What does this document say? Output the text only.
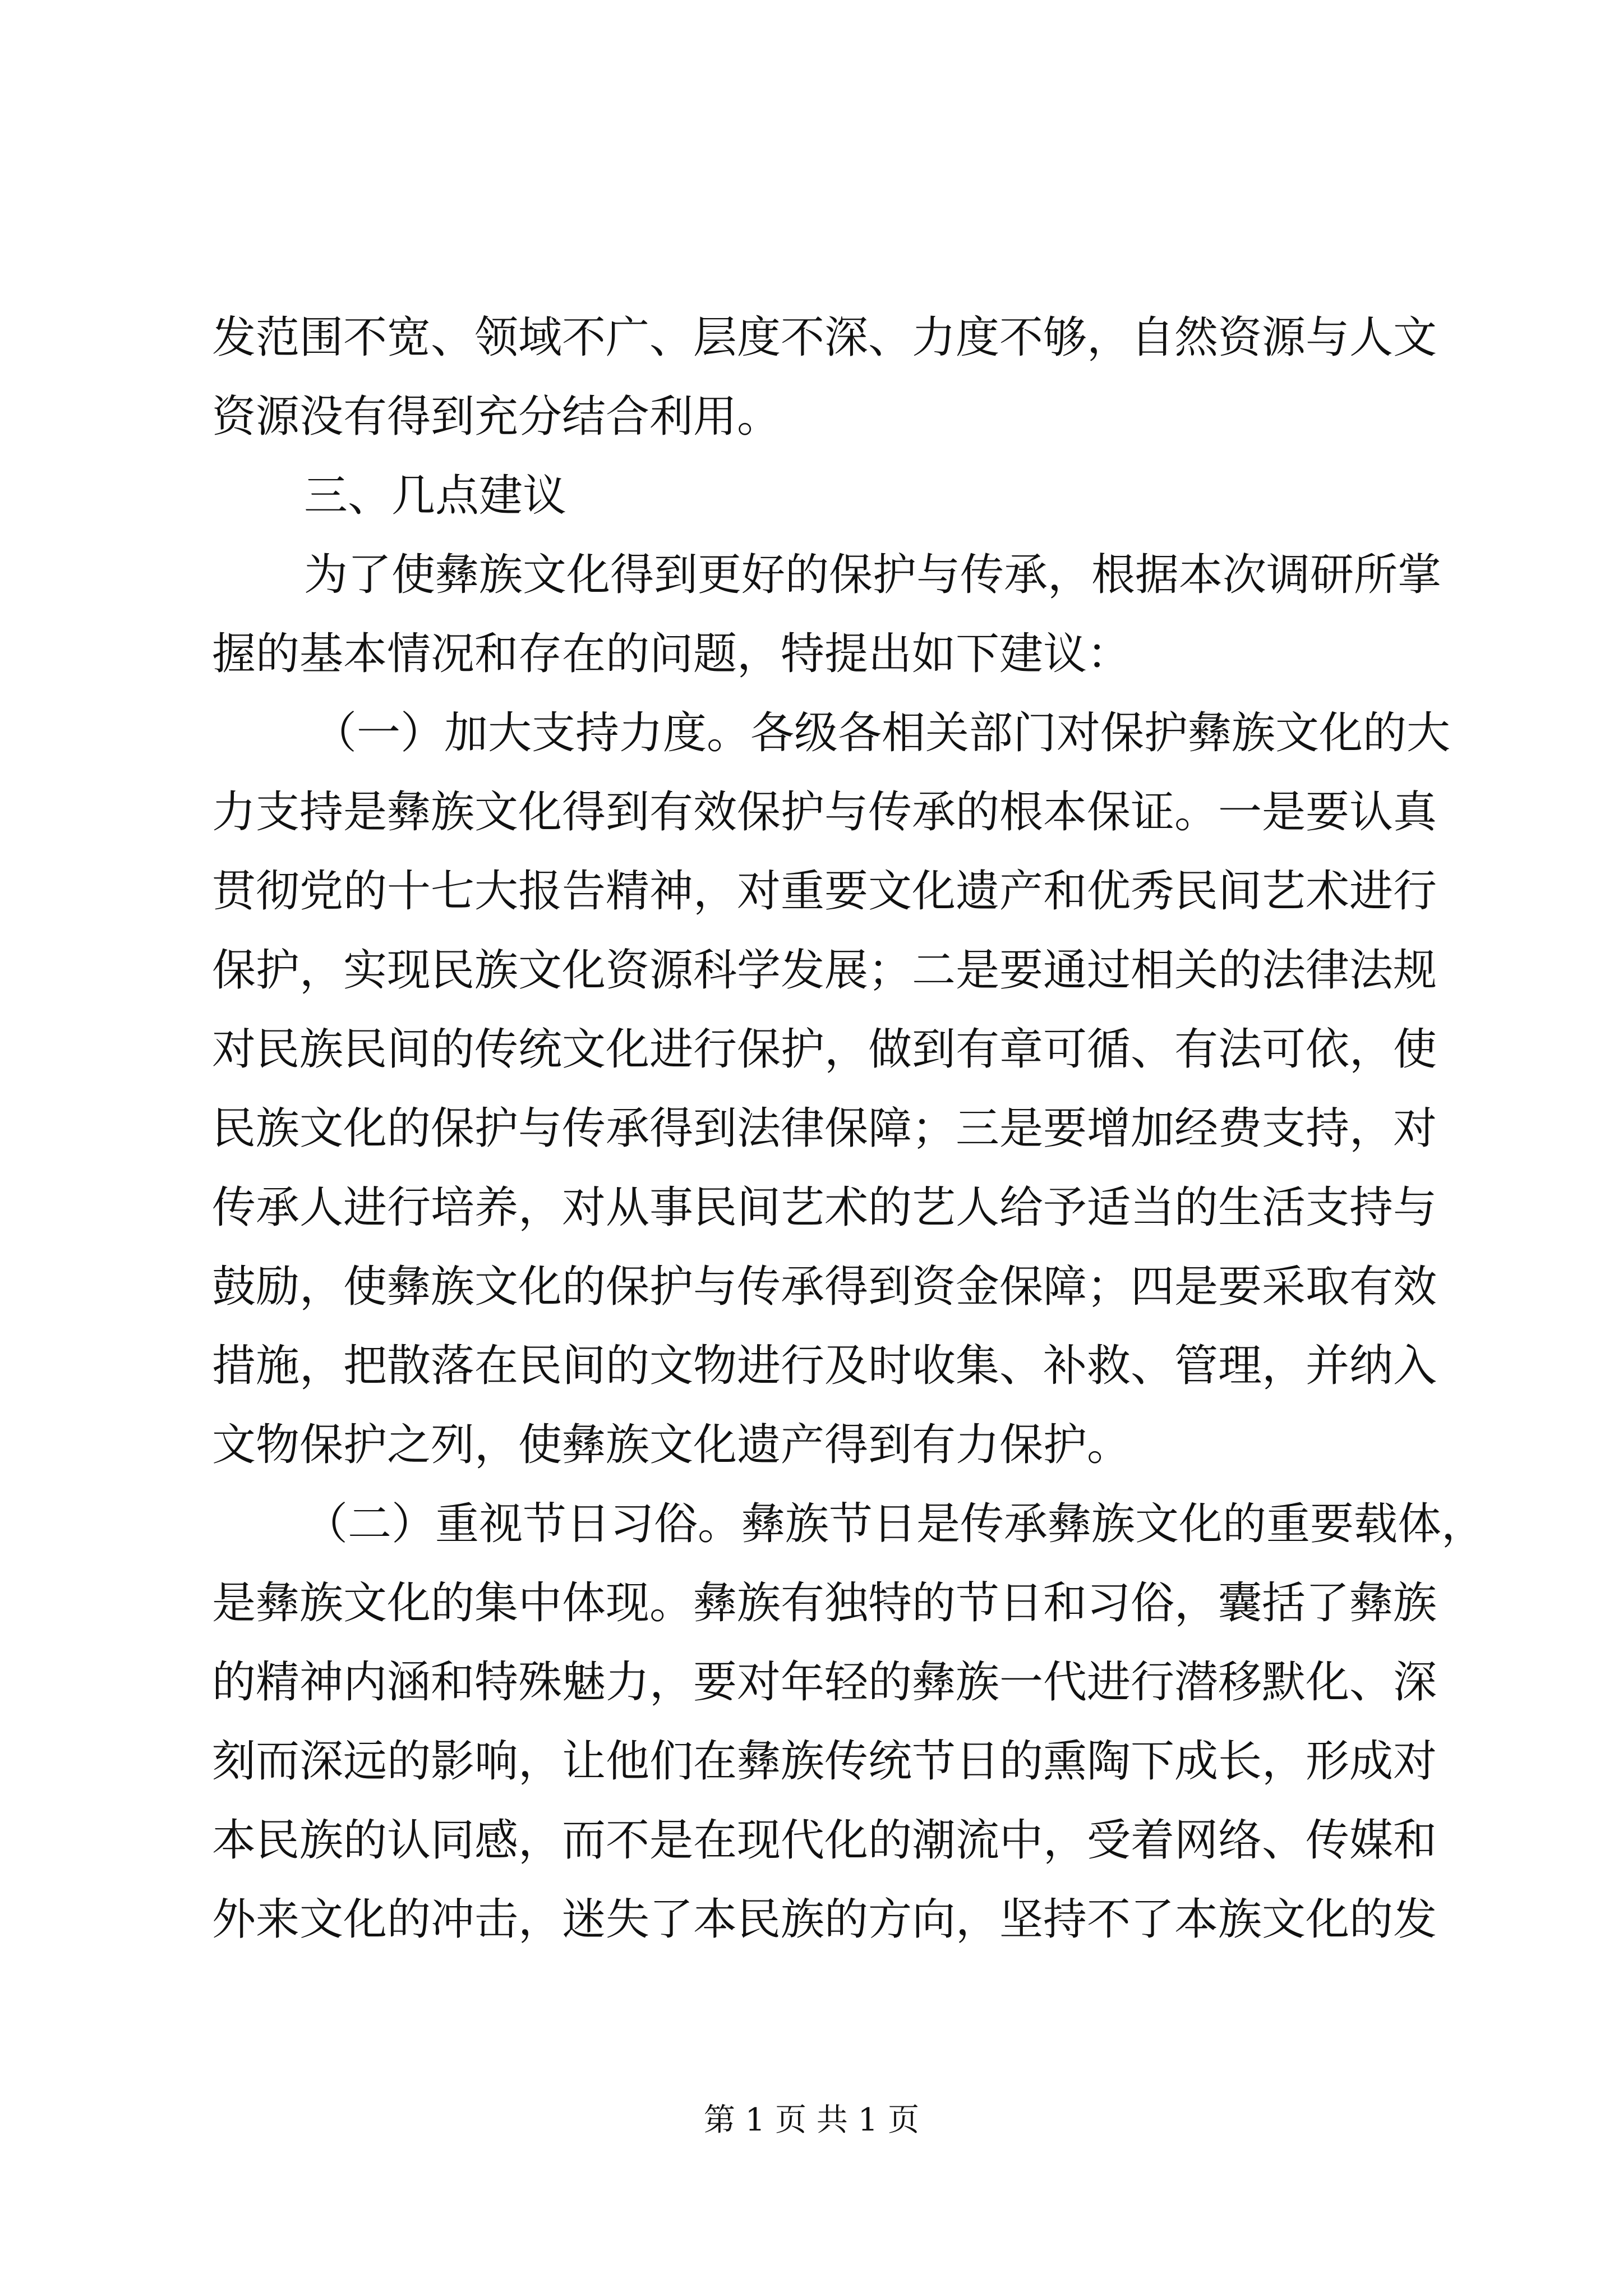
发范围不宽、领域不广、层度不深、力度不够，自然资源与人文
资源没有得到充分结合利用。
三、几点建议
为了使彝族文化得到更好的保护与传承，根据本次调研所掌
握的基本情况和存在的问题，特提出如下建议：
（一）加大支持力度。各级各相关部门对保护彝族文化的大
力支持是彝族文化得到有效保护与传承的根本保证。一是要认真
贯彻党的十七大报告精神，对重要文化遗产和优秀民间艺术进行
保护，实现民族文化资源科学发展；二是要通过相关的法律法规
对民族民间的传统文化进行保护，做到有章可循、有法可依，使
民族文化的保护与传承得到法律保障；三是要增加经费支持，对
传承人进行培养，对从事民间艺术的艺人给予适当的生活支持与
鼓励，使彝族文化的保护与传承得到资金保障；四是要采取有效
措施，把散落在民间的文物进行及时收集、补救、管理，并纳入
文物保护之列，使彝族文化遗产得到有力保护。
（二）重视节日习俗。彝族节日是传承彝族文化的重要载体，
是彝族文化的集中体现。彝族有独特的节日和习俗，囊括了彝族
的精神内涵和特殊魅力，要对年轻的彝族一代进行潜移默化、深
刻而深远的影响，让他们在彝族传统节日的熏陶下成长，形成对
本民族的认同感，而不是在现代化的潮流中，受着网络、传媒和
外来文化的冲击，迷失了本民族的方向，坚持不了本族文化的发
第 1 页 共 1 页
